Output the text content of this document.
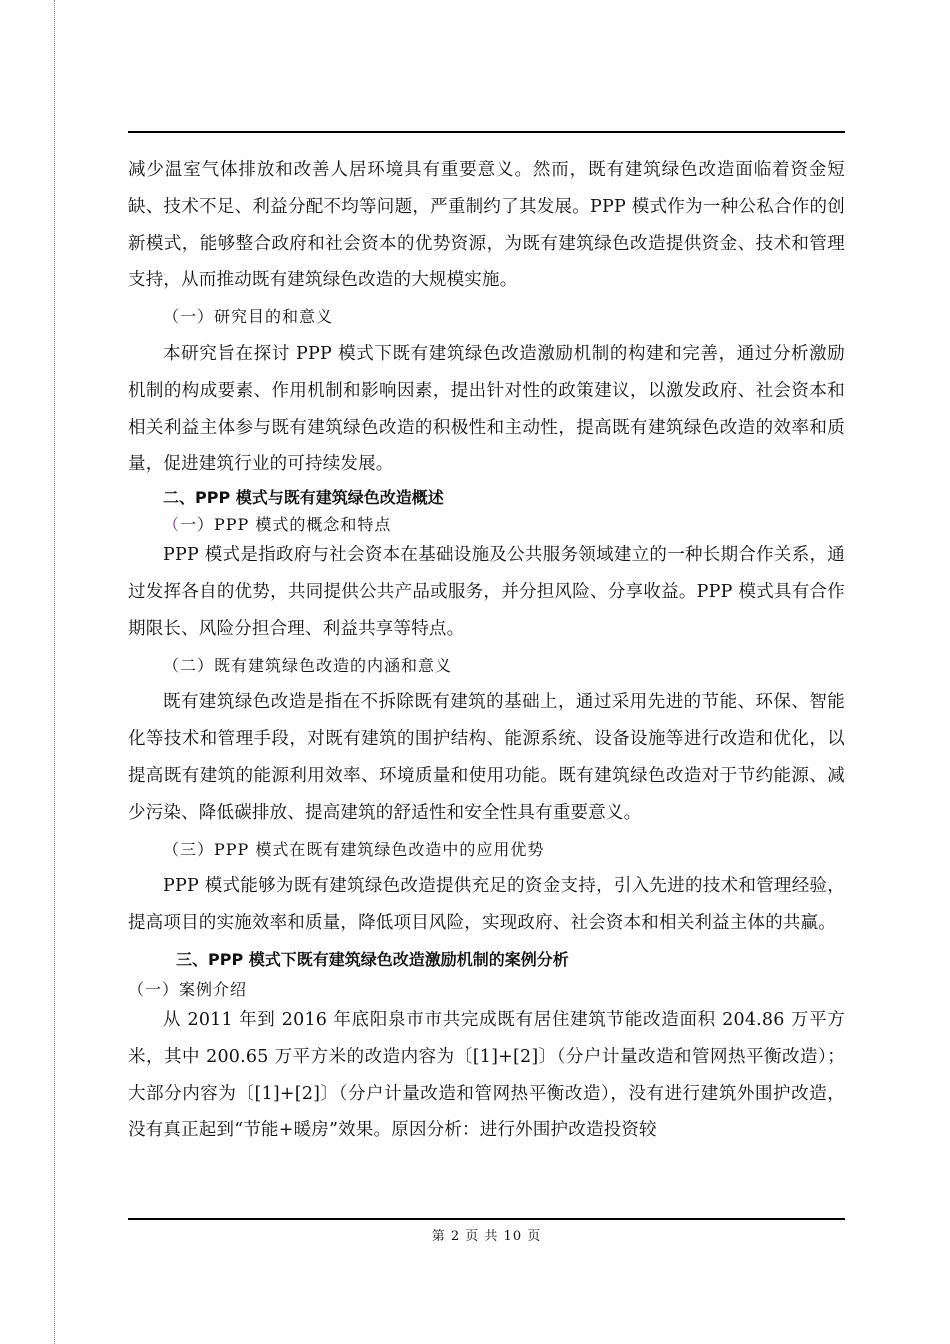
减少温室气体排放和改善人居环境具有重要意义。然而，既有建筑绿色改造面临着资金短缺、技术不足、利益分配不均等问题，严重制约了其发展。PPP 模式作为一种公私合作的创新模式，能够整合政府和社会资本的优势资源，为既有建筑绿色改造提供资金、技术和管理支持，从而推动既有建筑绿色改造的大规模实施。

（一）研究目的和意义

本研究旨在探讨 PPP 模式下既有建筑绿色改造激励机制的构建和完善，通过分析激励机制的构成要素、作用机制和影响因素，提出针对性的政策建议，以激发政府、社会资本和相关利益主体参与既有建筑绿色改造的积极性和主动性，提高既有建筑绿色改造的效率和质量，促进建筑行业的可持续发展。

二、PPP 模式与既有建筑绿色改造概述

（一）PPP 模式的概念和特点

PPP 模式是指政府与社会资本在基础设施及公共服务领域建立的一种长期合作关系，通过发挥各自的优势，共同提供公共产品或服务，并分担风险、分享收益。PPP 模式具有合作期限长、风险分担合理、利益共享等特点。

（二）既有建筑绿色改造的内涵和意义

既有建筑绿色改造是指在不拆除既有建筑的基础上，通过采用先进的节能、环保、智能化等技术和管理手段，对既有建筑的围护结构、能源系统、设备设施等进行改造和优化，以提高既有建筑的能源利用效率、环境质量和使用功能。既有建筑绿色改造对于节约能源、减少污染、降低碳排放、提高建筑的舒适性和安全性具有重要意义。

（三）PPP 模式在既有建筑绿色改造中的应用优势

PPP 模式能够为既有建筑绿色改造提供充足的资金支持，引入先进的技术和管理经验，提高项目的实施效率和质量，降低项目风险，实现政府、社会资本和相关利益主体的共赢。

三、PPP 模式下既有建筑绿色改造激励机制的案例分析

（一）案例介绍

从 2011 年到 2016 年底阳泉市市共完成既有居住建筑节能改造面积 204.86 万平方米，其中 200.65 万平方米的改造内容为〔[1]+[2]〕（分户计量改造和管网热平衡改造）；大部分内容为〔[1]+[2]〕（分户计量改造和管网热平衡改造），没有进行建筑外围护改造，没有真正起到“节能+暖房”效果。原因分析：进行外围护改造投资较

第 2 页 共 10 页
